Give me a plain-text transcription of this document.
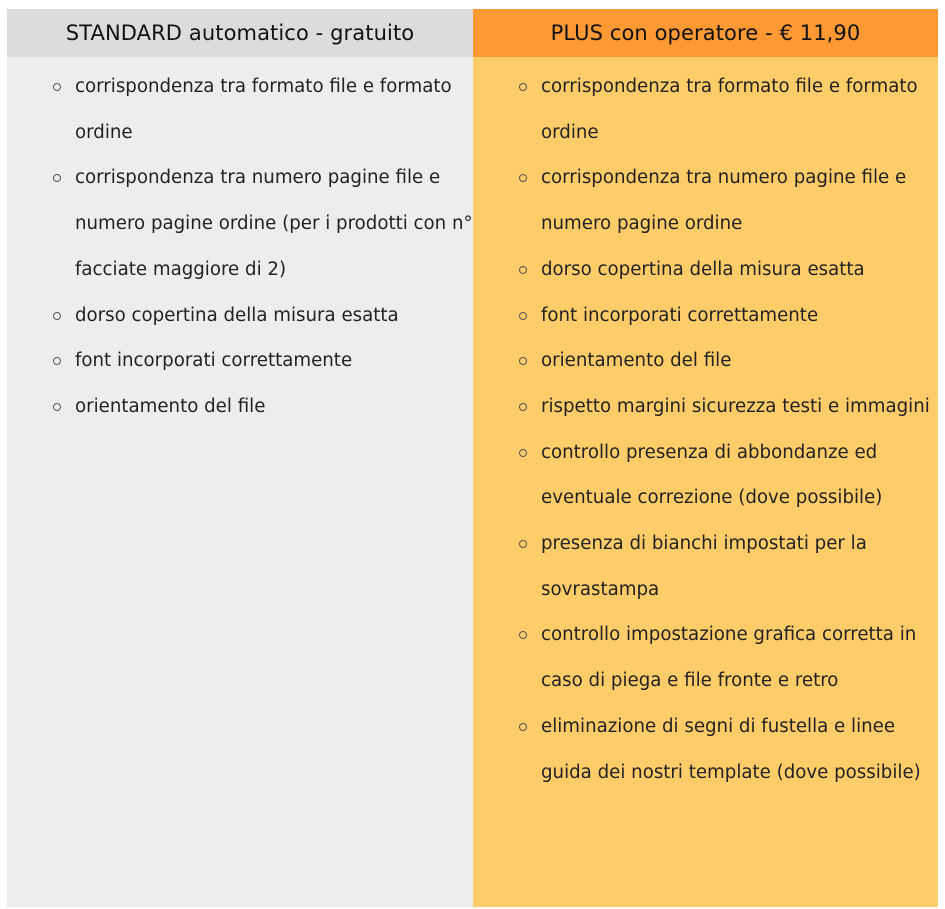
STANDARD automatico - gratuito
corrispondenza tra formato file e formato ordine
corrispondenza tra numero pagine file e numero pagine ordine (per i prodotti con n° facciate maggiore di 2)
dorso copertina della misura esatta
font incorporati correttamente
orientamento del file
PLUS con operatore - € 11,90
corrispondenza tra formato file e formato ordine
corrispondenza tra numero pagine file e numero pagine ordine
dorso copertina della misura esatta
font incorporati correttamente
orientamento del file
rispetto margini sicurezza testi e immagini
controllo presenza di abbondanze ed eventuale correzione (dove possibile)
presenza di bianchi impostati per la sovrastampa
controllo impostazione grafica corretta in caso di piega e file fronte e retro
eliminazione di segni di fustella e linee guida dei nostri template (dove possibile)
